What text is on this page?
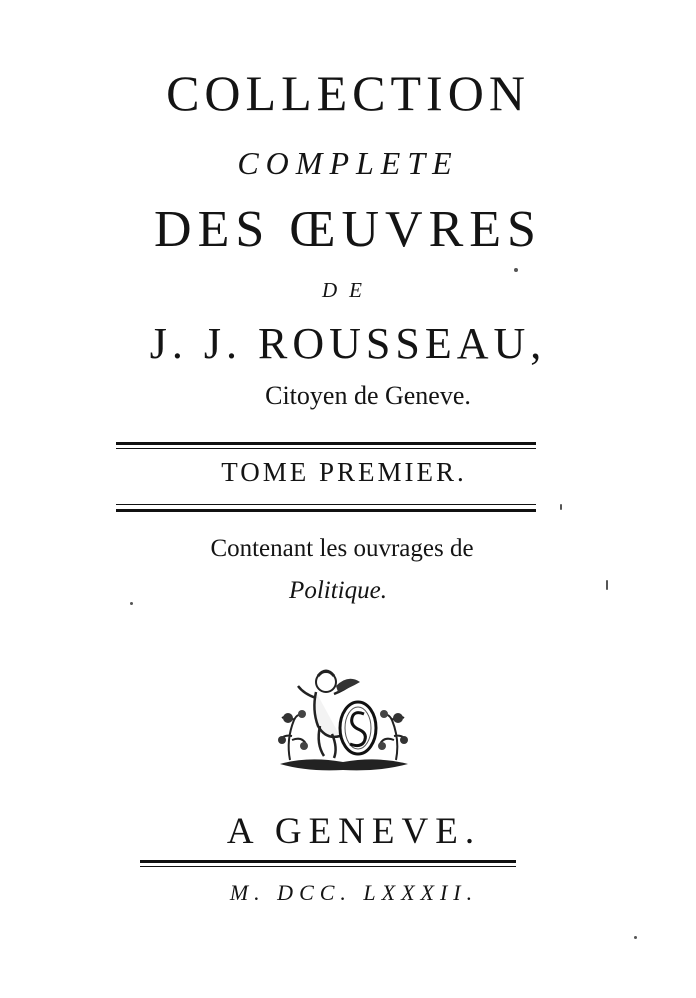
COLLECTION
COMPLETE
DES ŒUVRES
DE
J. J. ROUSSEAU,
Citoyen de Geneve.
TOME PREMIER.
Contenant les ouvrages de
Politique.
A GENEVE.
M. DCC. LXXXII.
